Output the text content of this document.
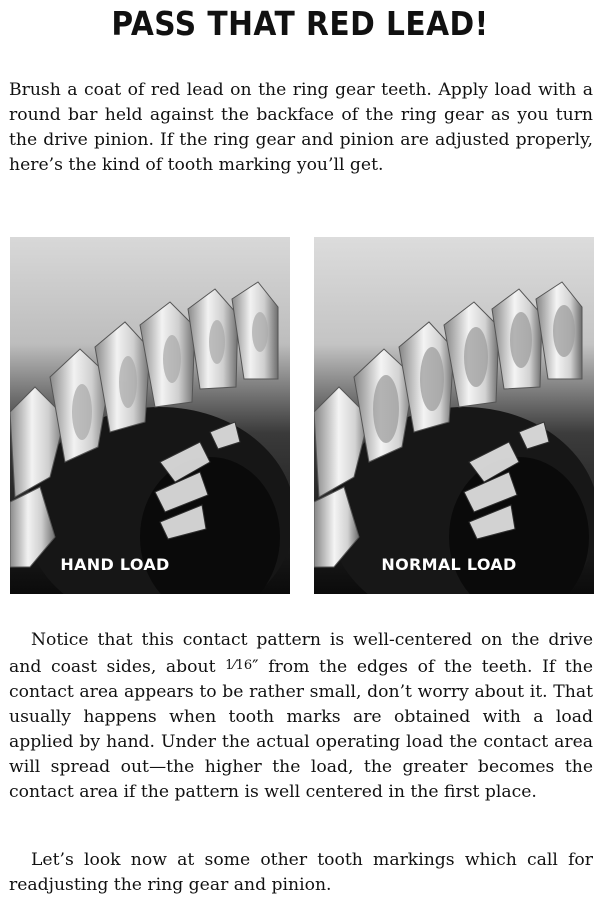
PASS THAT RED LEAD!

Brush a coat of red lead on the ring gear teeth. Apply load with a round bar held against the backface of the ring gear as you turn the drive pinion. If the ring gear and pinion are adjusted properly, here’s the kind of tooth marking you’ll get.

HAND LOAD	NORMAL LOAD

Notice that this contact pattern is well-centered on the drive and coast sides, about 1⁄16″ from the edges of the teeth. If the contact area appears to be rather small, don’t worry about it. That usually happens when tooth marks are obtained with a load applied by hand. Under the actual operating load the contact area will spread out—the higher the load, the greater becomes the contact area if the pattern is well centered in the first place.

Let’s look now at some other tooth markings which call for readjusting the ring gear and pinion.
